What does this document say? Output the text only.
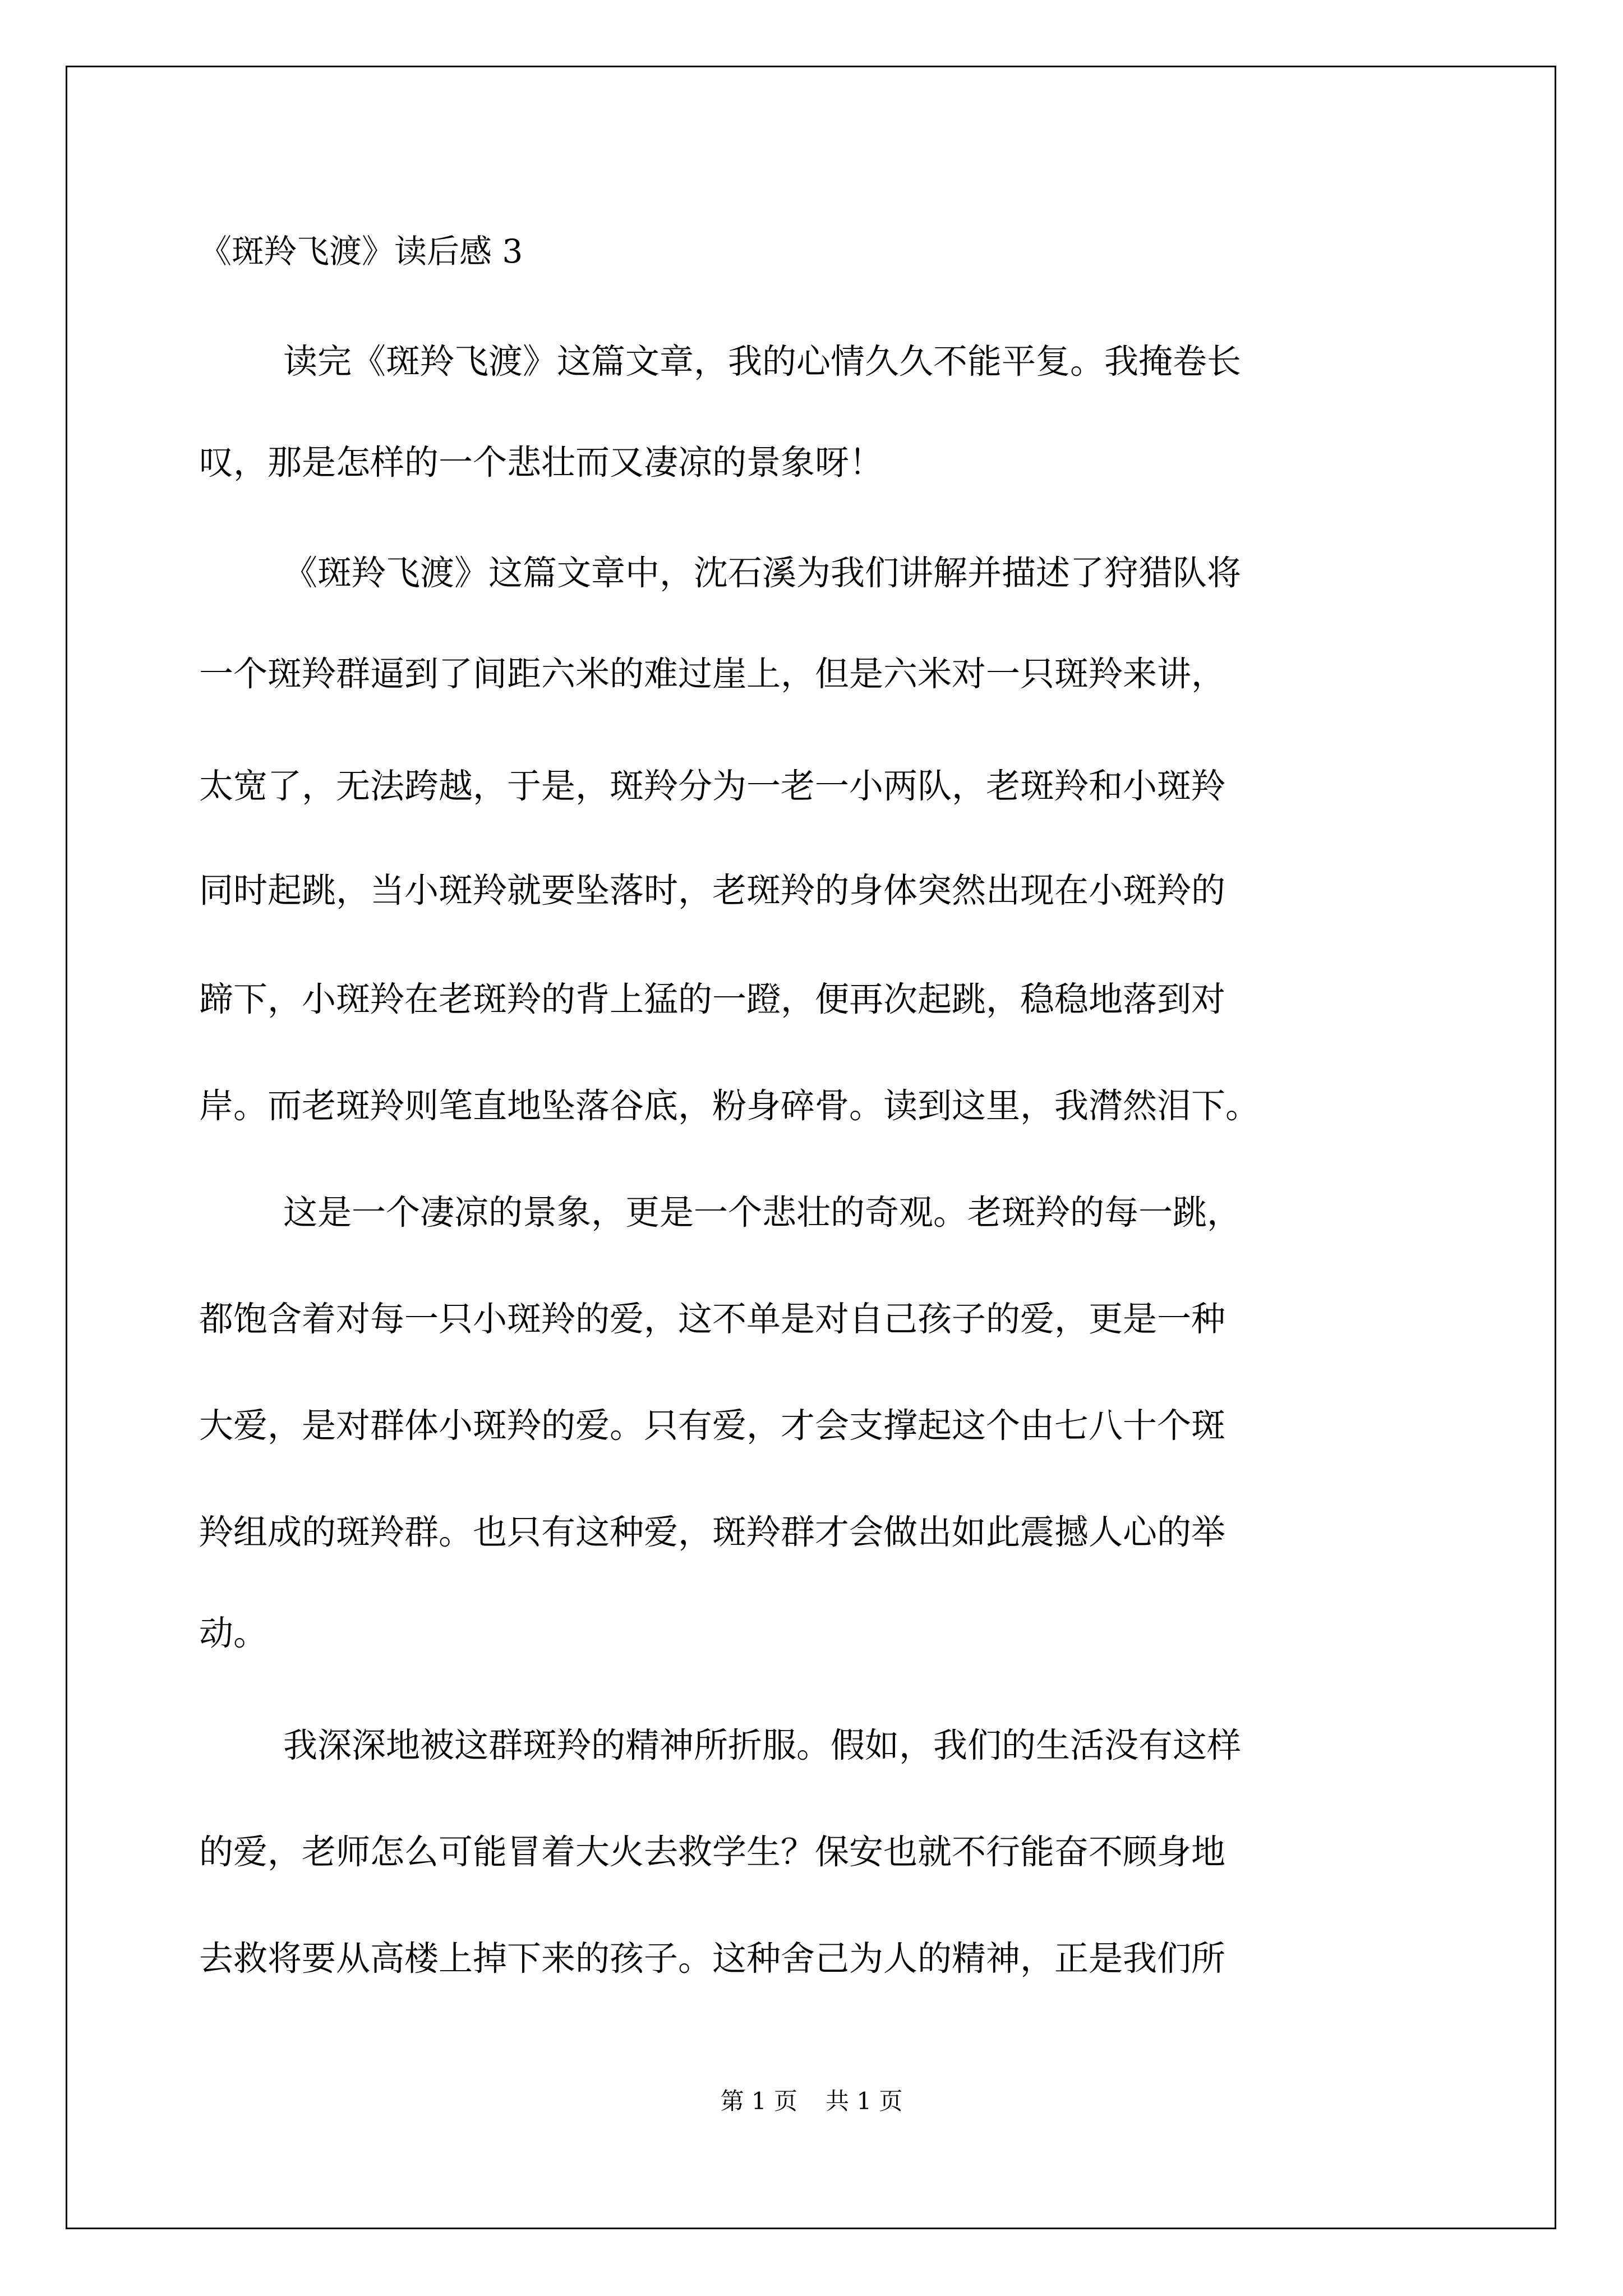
《斑羚飞渡》读后感 3

读完《斑羚飞渡》这篇文章，我的心情久久不能平复。我掩卷长

叹，那是怎样的一个悲壮而又凄凉的景象呀！

《斑羚飞渡》这篇文章中，沈石溪为我们讲解并描述了狩猎队将

一个斑羚群逼到了间距六米的难过崖上，但是六米对一只斑羚来讲，

太宽了，无法跨越，于是，斑羚分为一老一小两队，老斑羚和小斑羚

同时起跳，当小斑羚就要坠落时，老斑羚的身体突然出现在小斑羚的

蹄下，小斑羚在老斑羚的背上猛的一蹬，便再次起跳，稳稳地落到对

岸。而老斑羚则笔直地坠落谷底，粉身碎骨。读到这里，我潸然泪下。

这是一个凄凉的景象，更是一个悲壮的奇观。老斑羚的每一跳，

都饱含着对每一只小斑羚的爱，这不单是对自己孩子的爱，更是一种

大爱，是对群体小斑羚的爱。只有爱，才会支撑起这个由七八十个斑

羚组成的斑羚群。也只有这种爱，斑羚群才会做出如此震撼人心的举

动。

我深深地被这群斑羚的精神所折服。假如，我们的生活没有这样

的爱，老师怎么可能冒着大火去救学生？保安也就不行能奋不顾身地

去救将要从高楼上掉下来的孩子。这种舍己为人的精神，正是我们所

第 1 页 共 1 页
